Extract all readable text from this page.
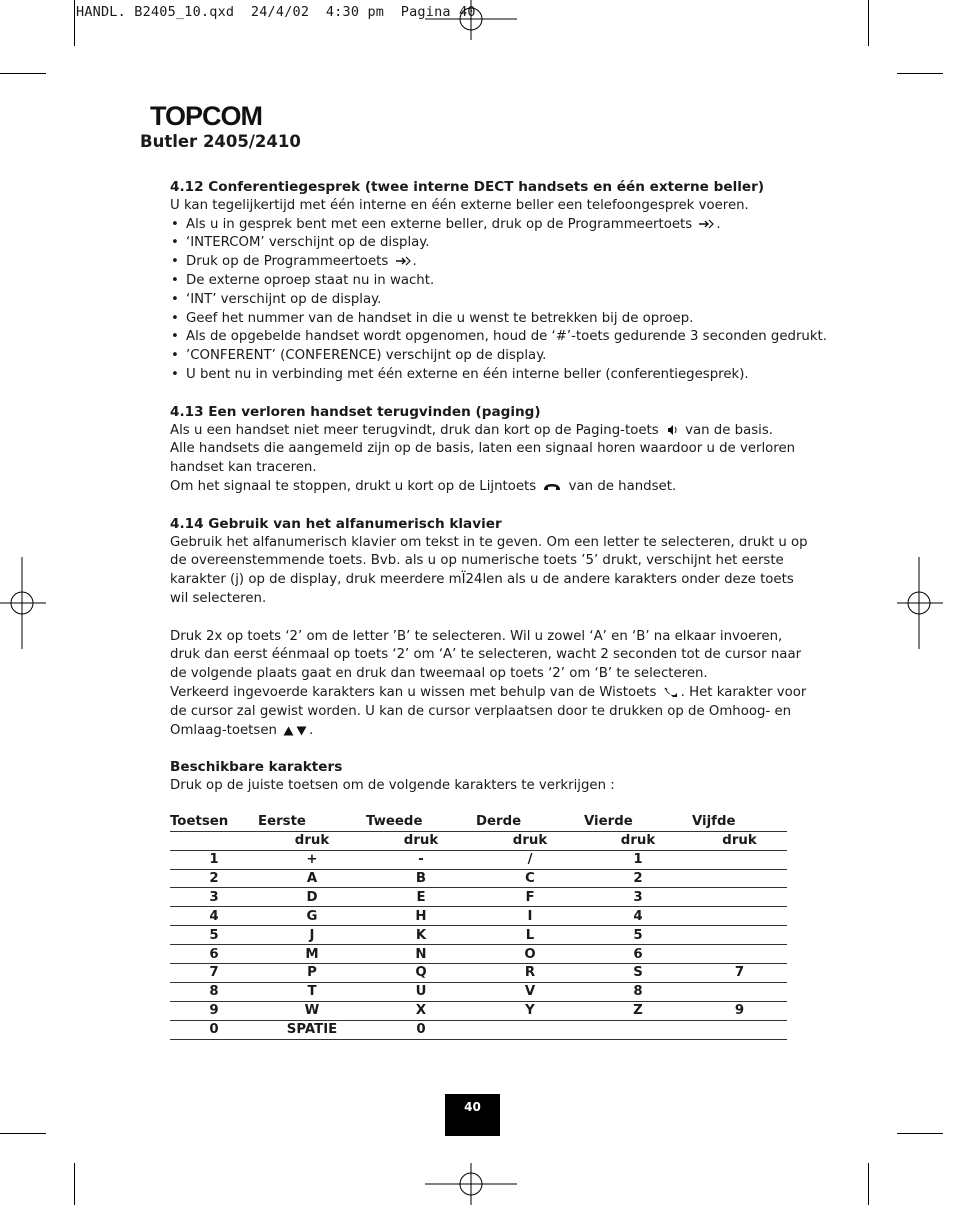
HANDL. B2405_10.qxd  24/4/02  4:30 pm  Pagina 40
TOPCOM
Butler 2405/2410
4.12 Conferentiegesprek (twee interne DECT handsets en één externe beller)

U kan tegelijkertijd met één interne en één externe beller een telefoongesprek voeren.

• Als u in gesprek bent met een externe beller, druk op de Programmeertoets .
• ‘INTERCOM’ verschijnt op de display.
• Druk op de Programmeertoets .
• De externe oproep staat nu in wacht.
• ‘INT’ verschijnt op de display.
• Geef het nummer van de handset in die u wenst te betrekken bij de oproep.
• Als de opgebelde handset wordt opgenomen, houd de ‘#’-toets gedurende 3 seconden gedrukt.
• ’CONFERENT’ (CONFERENCE) verschijnt op de display.
• U bent nu in verbinding met één externe en één interne beller (conferentiegesprek).
4.13 Een verloren handset terugvinden (paging)

Als u een handset niet meer terugvindt, druk dan kort op de Paging-toets van de basis.

Alle handsets die aangemeld zijn op de basis, laten een signaal horen waardoor u de verloren

handset kan traceren.

Om het signaal te stoppen, drukt u kort op de Lijntoets van de handset.

4.14 Gebruik van het alfanumerisch klavier

Gebruik het alfanumerisch klavier om tekst in te geven. Om een letter te selecteren, drukt u op

de overeenstemmende toets. Bvb. als u op numerische toets ’5’ drukt, verschijnt het eerste

karakter (j) op de display, druk meerdere mÏ24len als u de andere karakters onder deze toets

wil selecteren.

Druk 2x op toets ‘2’ om de letter ’B’ te selecteren. Wil u zowel ‘A’ en ‘B’ na elkaar invoeren,

druk dan eerst éénmaal op toets ‘2’ om ‘A’ te selecteren, wacht 2 seconden tot de cursor naar

de volgende plaats gaat en druk dan tweemaal op toets ‘2’ om ‘B’ te selecteren.

Verkeerd ingevoerde karakters kan u wissen met behulp van de Wistoets . Het karakter voor

de cursor zal gewist worden. U kan de cursor verplaatsen door te drukken op de Omhoog- en

Omlaag-toetsen .

Beschikbare karakters

Druk op de juiste toetsen om de volgende karakters te verkrijgen :

Toetsen	Eerste	Tweede	Derde	Vierde	Vijfde
	druk	druk	druk	druk	druk
1	+	-	/	1	
2	A	B	C	2	
3	D	E	F	3	
4	G	H	I	4	
5	J	K	L	5	
6	M	N	O	6	
7	P	Q	R	S	7
8	T	U	V	8	
9	W	X	Y	Z	9
0	SPATIE	0			
40
